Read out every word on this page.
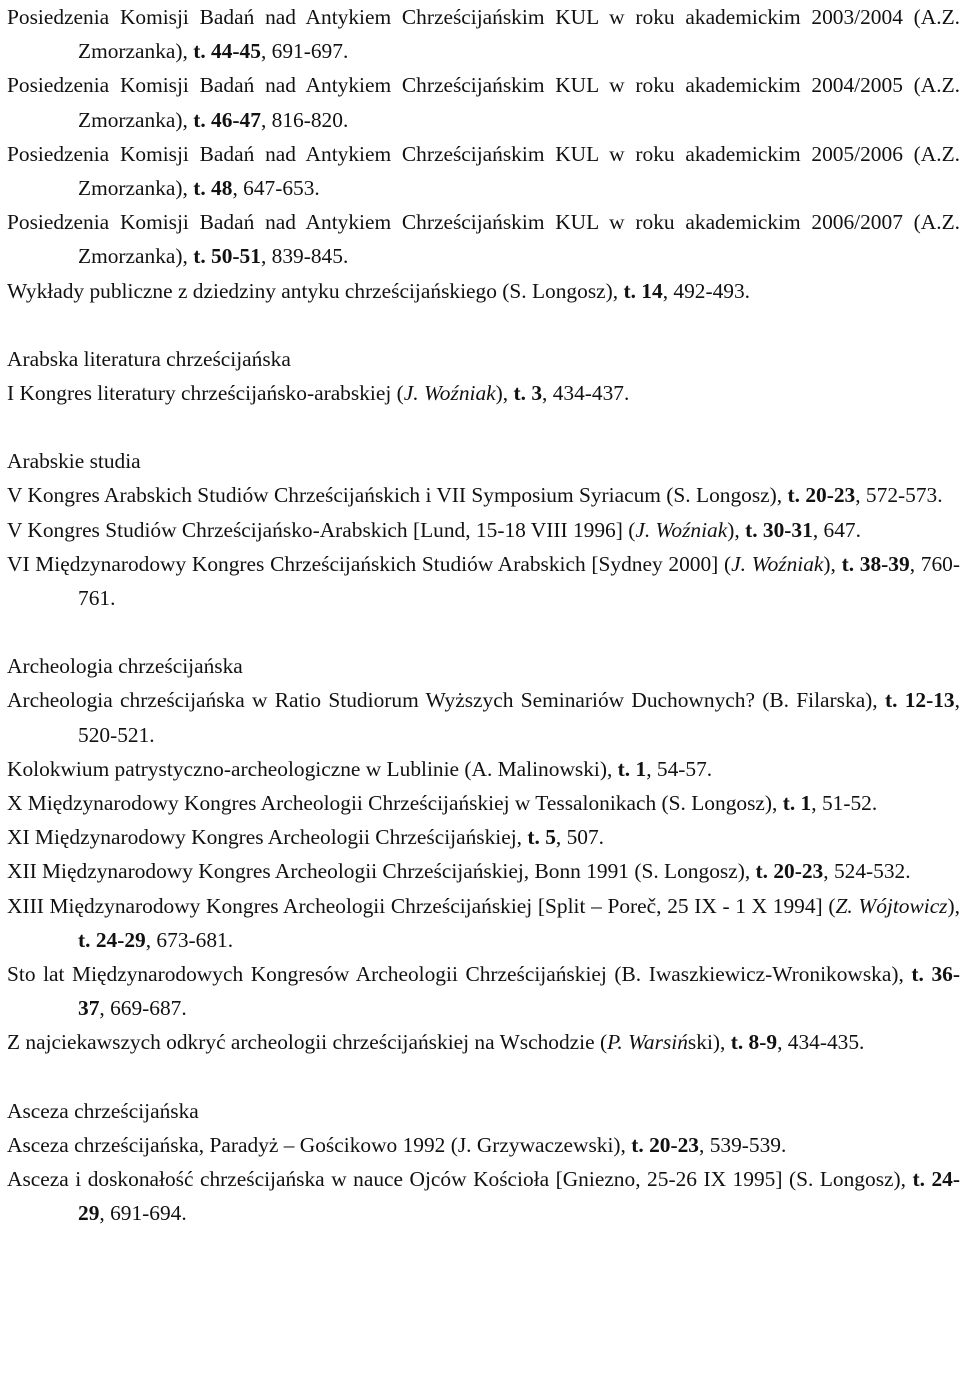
Posiedzenia Komisji Badań nad Antykiem Chrześcijańskim KUL w roku akademickim 2003/2004 (A.Z. Zmorzanka), t. 44-45, 691-697.

Posiedzenia Komisji Badań nad Antykiem Chrześcijańskim KUL w roku akademickim 2004/2005 (A.Z. Zmorzanka), t. 46-47, 816-820.

Posiedzenia Komisji Badań nad Antykiem Chrześcijańskim KUL w roku akademickim 2005/2006 (A.Z. Zmorzanka), t. 48, 647-653.

Posiedzenia Komisji Badań nad Antykiem Chrześcijańskim KUL w roku akademickim 2006/2007 (A.Z. Zmorzanka), t. 50-51, 839-845.

Wykłady publiczne z dziedziny antyku chrześcijańskiego (S. Longosz), t. 14, 492-493.

Arabska literatura chrześcijańska

I Kongres literatury chrześcijańsko-arabskiej (J. Woźniak), t. 3, 434-437.

Arabskie studia

V Kongres Arabskich Studiów Chrześcijańskich i VII Symposium Syriacum (S. Longosz), t. 20-23, 572-573.

V Kongres Studiów Chrześcijańsko-Arabskich [Lund, 15-18 VIII 1996] (J. Woźniak), t. 30-31, 647.

VI Międzynarodowy Kongres Chrześcijańskich Studiów Arabskich [Sydney 2000] (J. Woźniak), t. 38-39, 760-761.

Archeologia chrześcijańska

Archeologia chrześcijańska w Ratio Studiorum Wyższych Seminariów Duchownych? (B. Filarska), t. 12-13, 520-521.

Kolokwium patrystyczno-archeologiczne w Lublinie (A. Malinowski), t. 1, 54-57.

X Międzynarodowy Kongres Archeologii Chrześcijańskiej w Tessalonikach (S. Longosz), t. 1, 51-52.

XI Międzynarodowy Kongres Archeologii Chrześcijańskiej, t. 5, 507.

XII Międzynarodowy Kongres Archeologii Chrześcijańskiej, Bonn 1991 (S. Longosz), t. 20-23, 524-532.

XIII Międzynarodowy Kongres Archeologii Chrześcijańskiej [Split – Poreč, 25 IX - 1 X 1994] (Z. Wójtowicz), t. 24-29, 673-681.

Sto lat Międzynarodowych Kongresów Archeologii Chrześcijańskiej (B. Iwaszkiewicz-Wronikowska), t. 36-37, 669-687.

Z najciekawszych odkryć archeologii chrześcijańskiej na Wschodzie (P. Warsiński), t. 8-9, 434-435.

Asceza chrześcijańska

Asceza chrześcijańska, Paradyż – Gościkowo 1992 (J. Grzywaczewski), t. 20-23, 539-539.

Asceza i doskonałość chrześcijańska w nauce Ojców Kościoła [Gniezno, 25-26 IX 1995] (S. Longosz), t. 24-29, 691-694.
